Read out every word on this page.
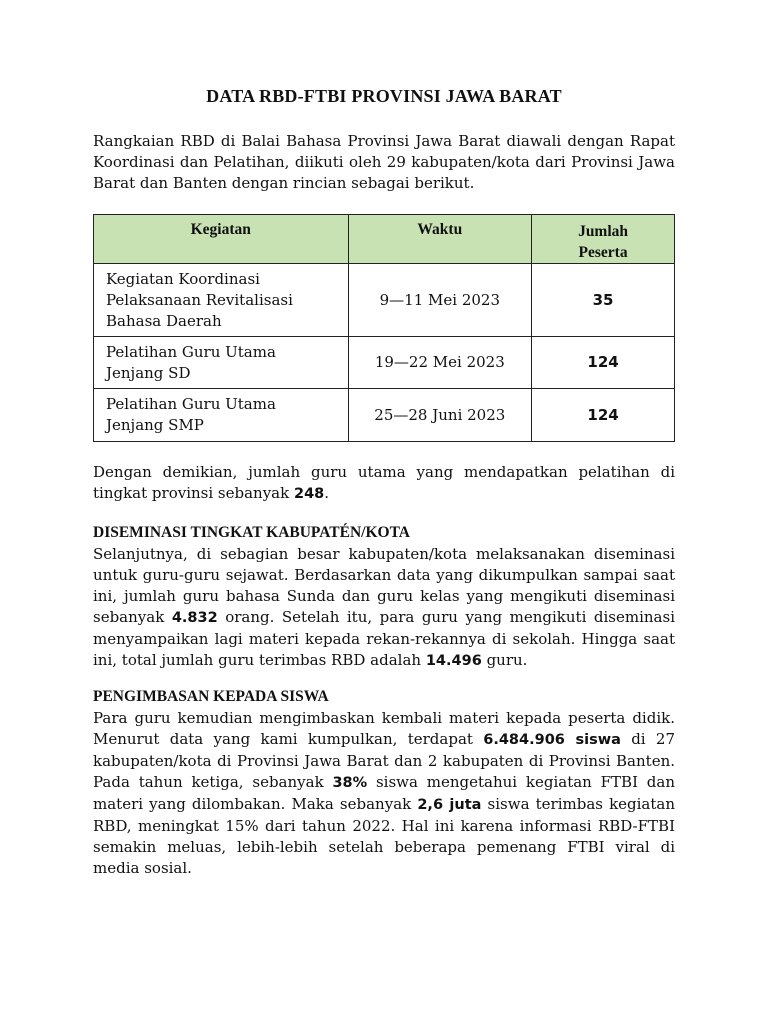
DATA RBD-FTBI PROVINSI JAWA BARAT

Rangkaian RBD di Balai Bahasa Provinsi Jawa Barat diawali dengan Rapat Koordinasi dan Pelatihan, diikuti oleh 29 kabupaten/kota dari Provinsi Jawa Barat dan Banten dengan rincian sebagai berikut.

Kegiatan	Waktu	Jumlah Peserta
Kegiatan Koordinasi Pelaksanaan Revitalisasi Bahasa Daerah	9—11 Mei 2023	35
Pelatihan Guru Utama Jenjang SD	19—22 Mei 2023	124
Pelatihan Guru Utama Jenjang SMP	25—28 Juni 2023	124

Dengan demikian, jumlah guru utama yang mendapatkan pelatihan di tingkat provinsi sebanyak 248.

DISEMINASI TINGKAT KABUPATÉN/KOTA

Selanjutnya, di sebagian besar kabupaten/kota melaksanakan diseminasi untuk guru-guru sejawat. Berdasarkan data yang dikumpulkan sampai saat ini, jumlah guru bahasa Sunda dan guru kelas yang mengikuti diseminasi sebanyak 4.832 orang. Setelah itu, para guru yang mengikuti diseminasi menyampaikan lagi materi kepada rekan-rekannya di sekolah. Hingga saat ini, total jumlah guru terimbas RBD adalah 14.496 guru.

PENGIMBASAN KEPADA SISWA

Para guru kemudian mengimbaskan kembali materi kepada peserta didik. Menurut data yang kami kumpulkan, terdapat 6.484.906 siswa di 27 kabupaten/kota di Provinsi Jawa Barat dan 2 kabupaten di Provinsi Banten. Pada tahun ketiga, sebanyak 38% siswa mengetahui kegiatan FTBI dan materi yang dilombakan. Maka sebanyak 2,6 juta siswa terimbas kegiatan RBD, meningkat 15% dari tahun 2022. Hal ini karena informasi RBD-FTBI semakin meluas, lebih-lebih setelah beberapa pemenang FTBI viral di media sosial.
